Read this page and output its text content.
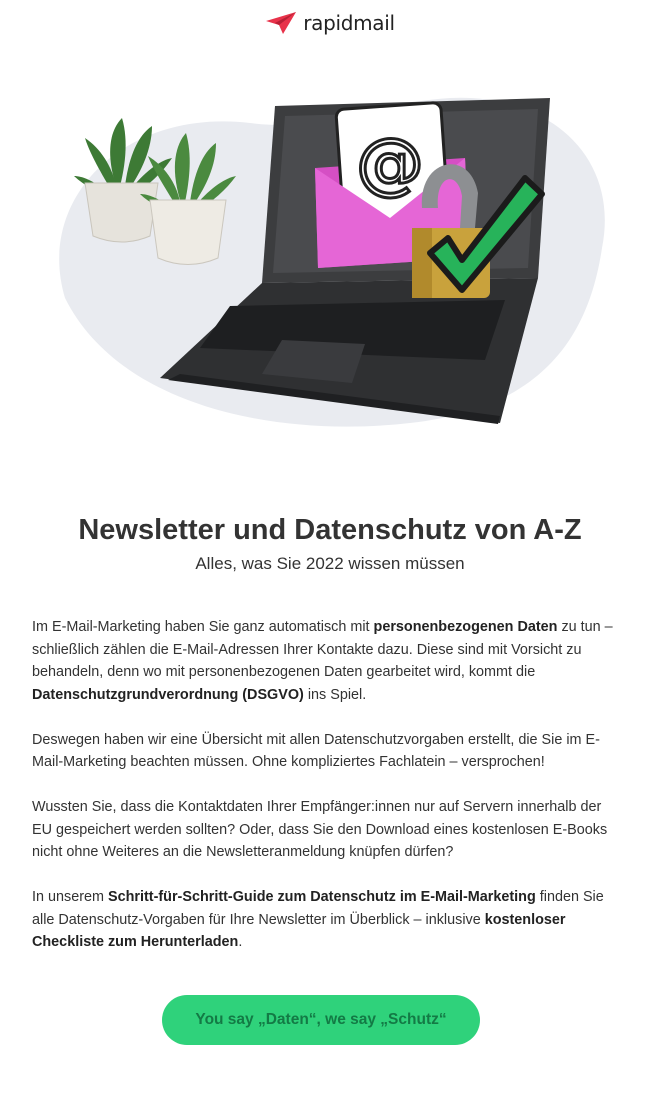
rapidmail
@
Newsletter und Datenschutz von A-Z

Alles, was Sie 2022 wissen müssen

Im E-Mail-Marketing haben Sie ganz automatisch mit personenbezogenen Daten zu tun – schließlich zählen die E-Mail-Adressen Ihrer Kontakte dazu. Diese sind mit Vorsicht zu behandeln, denn wo mit personenbezogenen Daten gearbeitet wird, kommt die Datenschutzgrundverordnung (DSGVO) ins Spiel.

Deswegen haben wir eine Übersicht mit allen Datenschutzvorgaben erstellt, die Sie im E-Mail-Marketing beachten müssen. Ohne kompliziertes Fachlatein – versprochen!

Wussten Sie, dass die Kontaktdaten Ihrer Empfänger:innen nur auf Servern innerhalb der EU gespeichert werden sollten? Oder, dass Sie den Download eines kostenlosen E-Books nicht ohne Weiteres an die Newsletteranmeldung knüpfen dürfen?

In unserem Schritt-für-Schritt-Guide zum Datenschutz im E-Mail-Marketing finden Sie alle Datenschutz-Vorgaben für Ihre Newsletter im Überblick – inklusive kostenloser Checkliste zum Herunterladen.

You say „Daten“, we say „Schutz“
